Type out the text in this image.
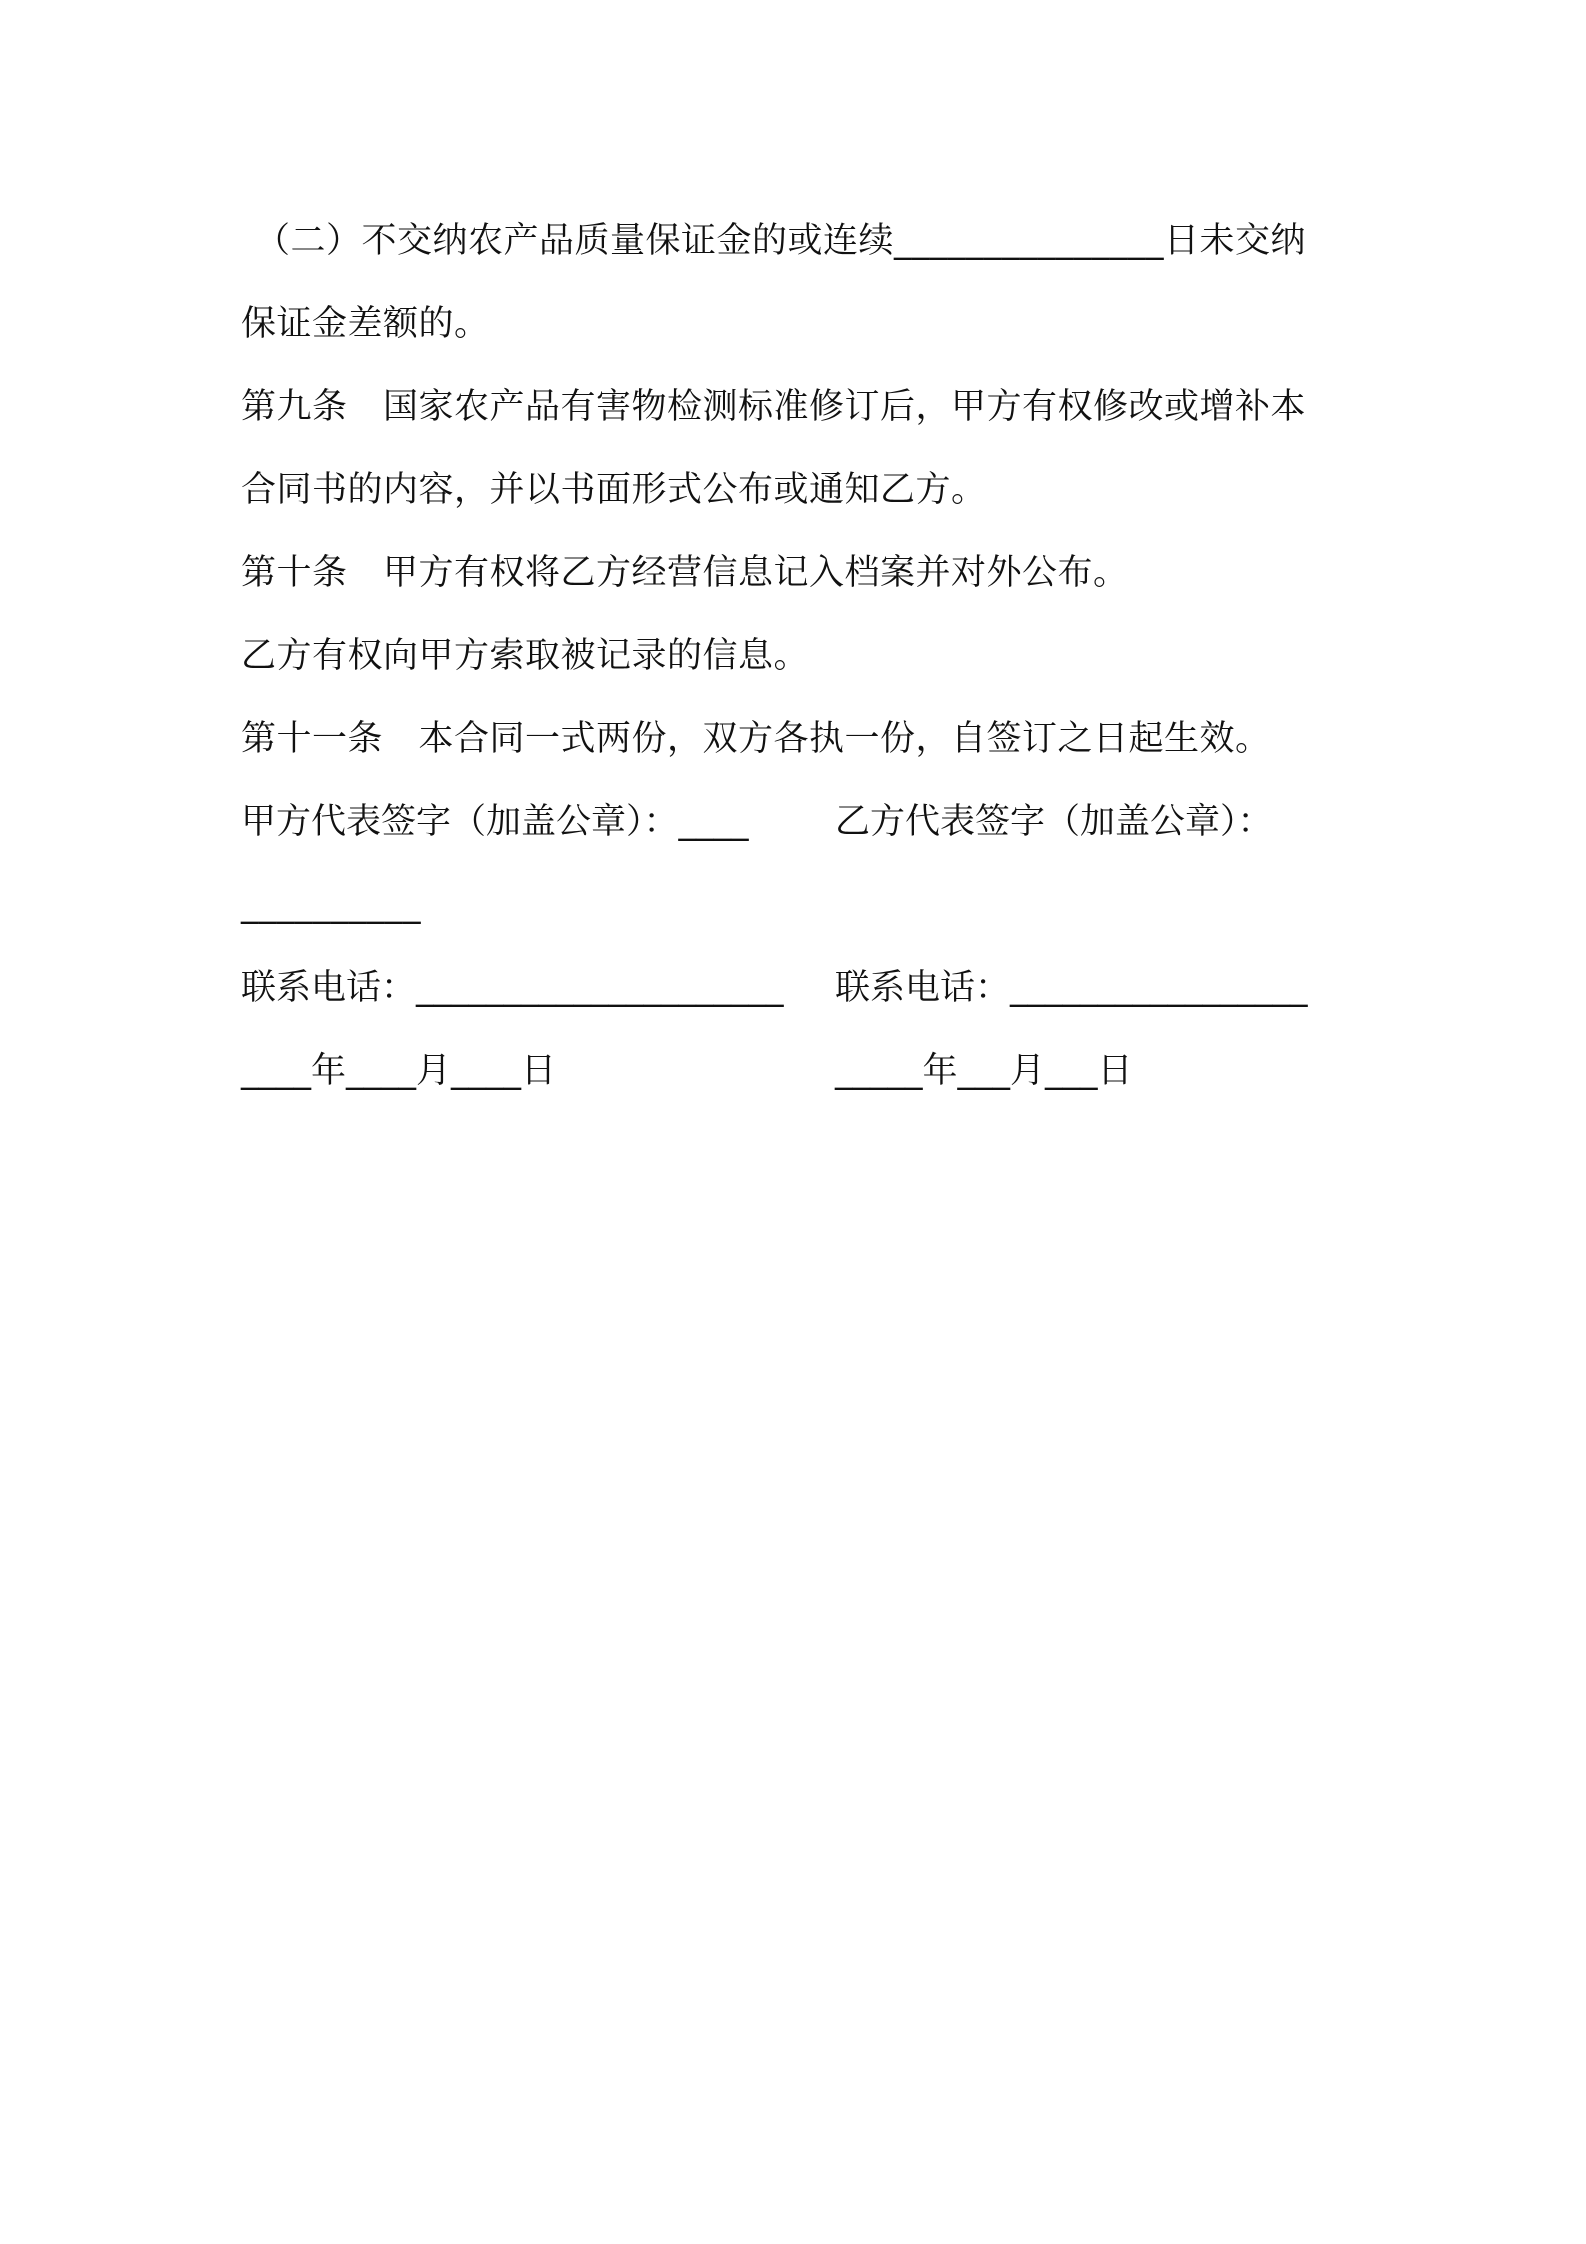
（二）不交纳农产品质量保证金的或连续_______________日未交纳
保证金差额的。
第九条　国家农产品有害物检测标准修订后，甲方有权修改或增补本
合同书的内容，并以书面形式公布或通知乙方。
第十条　甲方有权将乙方经营信息记入档案并对外公布。
乙方有权向甲方索取被记录的信息。
第十一条　本合同一式两份，双方各执一份，自签订之日起生效。

甲方代表签字（加盖公章）：____

乙方代表签字（加盖公章）：

__________

联系电话：_____________________

联系电话：_________________

____年____月____日

	_____年___月___日
